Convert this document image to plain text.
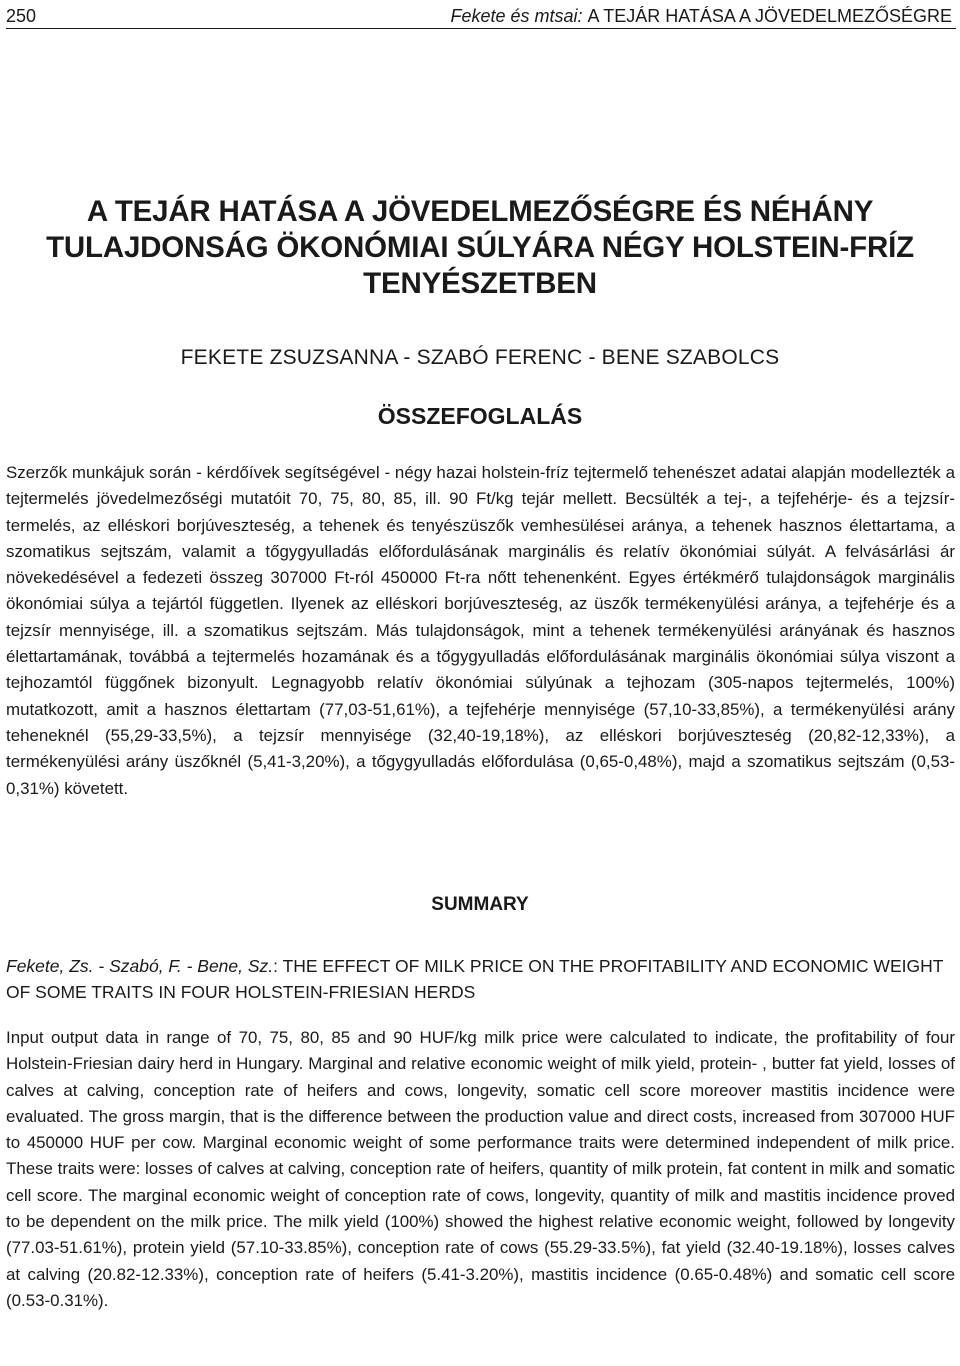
250	Fekete és mtsai: A TEJÁR HATÁSA A JÖVEDELMEZŐSÉGRE
A TEJÁR HATÁSA A JÖVEDELMEZŐSÉGRE ÉS NÉHÁNY
TULAJDONSÁG ÖKONÓMIAI SÚLYÁRA NÉGY HOLSTEIN-FRÍZ
TENYÉSZETBEN
FEKETE ZSUZSANNA - SZABÓ FERENC - BENE SZABOLCS
ÖSSZEFOGLALÁS

Szerzők munkájuk során - kérdőívek segítségével - négy hazai holstein-fríz tejtermelő tehenészet adatai alapján modellezték a tejtermelés jövedelmezőségi mutatóit 70, 75, 80, 85, ill. 90 Ft/kg tejár mellett. Becsülték a tej-, a tejfehérje- és a tejzsír-termelés, az elléskori borjúveszteség, a tehenek és tenyészüszők vemhesülései aránya, a tehenek hasznos élettartama, a szomatikus sejtszám, valamit a tőgygyulladás előfordulásának marginális és relatív ökonómiai súlyát. A felvásárlási ár növekedésével a fedezeti összeg 307000 Ft-ról 450000 Ft-ra nőtt tehenenként. Egyes értékmérő tulajdonságok marginális ökonómiai súlya a tejártól független. Ilyenek az elléskori borjúveszteség, az üszők termékenyülési aránya, a tejfehérje és a tejzsír mennyisége, ill. a szomatikus sejtszám. Más tulajdonságok, mint a tehenek termékenyülési arányának és hasznos élettartamának, továbbá a tejtermelés hozamának és a tőgygyulladás előfordulásának marginális ökonómiai súlya viszont a tejhozamtól függőnek bizonyult. Legnagyobb relatív ökonómiai súlyúnak a tejhozam (305-napos tejtermelés, 100%) mutatkozott, amit a hasznos élettartam (77,03-51,61%), a tejfehérje mennyisége (57,10-33,85%), a termékenyülési arány teheneknél (55,29-33,5%), a tejzsír mennyisége (32,40-19,18%), az elléskori borjúveszteség (20,82-12,33%), a termékenyülési arány üszőknél (5,41-3,20%), a tőgygyulladás előfordulása (0,65-0,48%), majd a szomatikus sejtszám (0,53-0,31%) követett.

SUMMARY
Fekete, Zs. - Szabó, F. - Bene, Sz.: THE EFFECT OF MILK PRICE ON THE PROFITABILITY AND ECONOMIC WEIGHT OF SOME TRAITS IN FOUR HOLSTEIN-FRIESIAN HERDS

Input output data in range of 70, 75, 80, 85 and 90 HUF/kg milk price were calculated to indicate, the profitability of four Holstein-Friesian dairy herd in Hungary. Marginal and relative economic weight of milk yield, protein- , butter fat yield, losses of calves at calving, conception rate of heifers and cows, longevity, somatic cell score moreover mastitis incidence were evaluated. The gross margin, that is the difference between the production value and direct costs, increased from 307000 HUF to 450000 HUF per cow. Marginal economic weight of some performance traits were determined independent of milk price. These traits were: losses of calves at calving, conception rate of heifers, quantity of milk protein, fat content in milk and somatic cell score. The marginal economic weight of conception rate of cows, longevity, quantity of milk and mastitis incidence proved to be dependent on the milk price. The milk yield (100%) showed the highest relative economic weight, followed by longevity (77.03-51.61%), protein yield (57.10-33.85%), conception rate of cows (55.29-33.5%), fat yield (32.40-19.18%), losses calves at calving (20.82-12.33%), conception rate of heifers (5.41-3.20%), mastitis incidence (0.65-0.48%) and somatic cell score (0.53-0.31%).
